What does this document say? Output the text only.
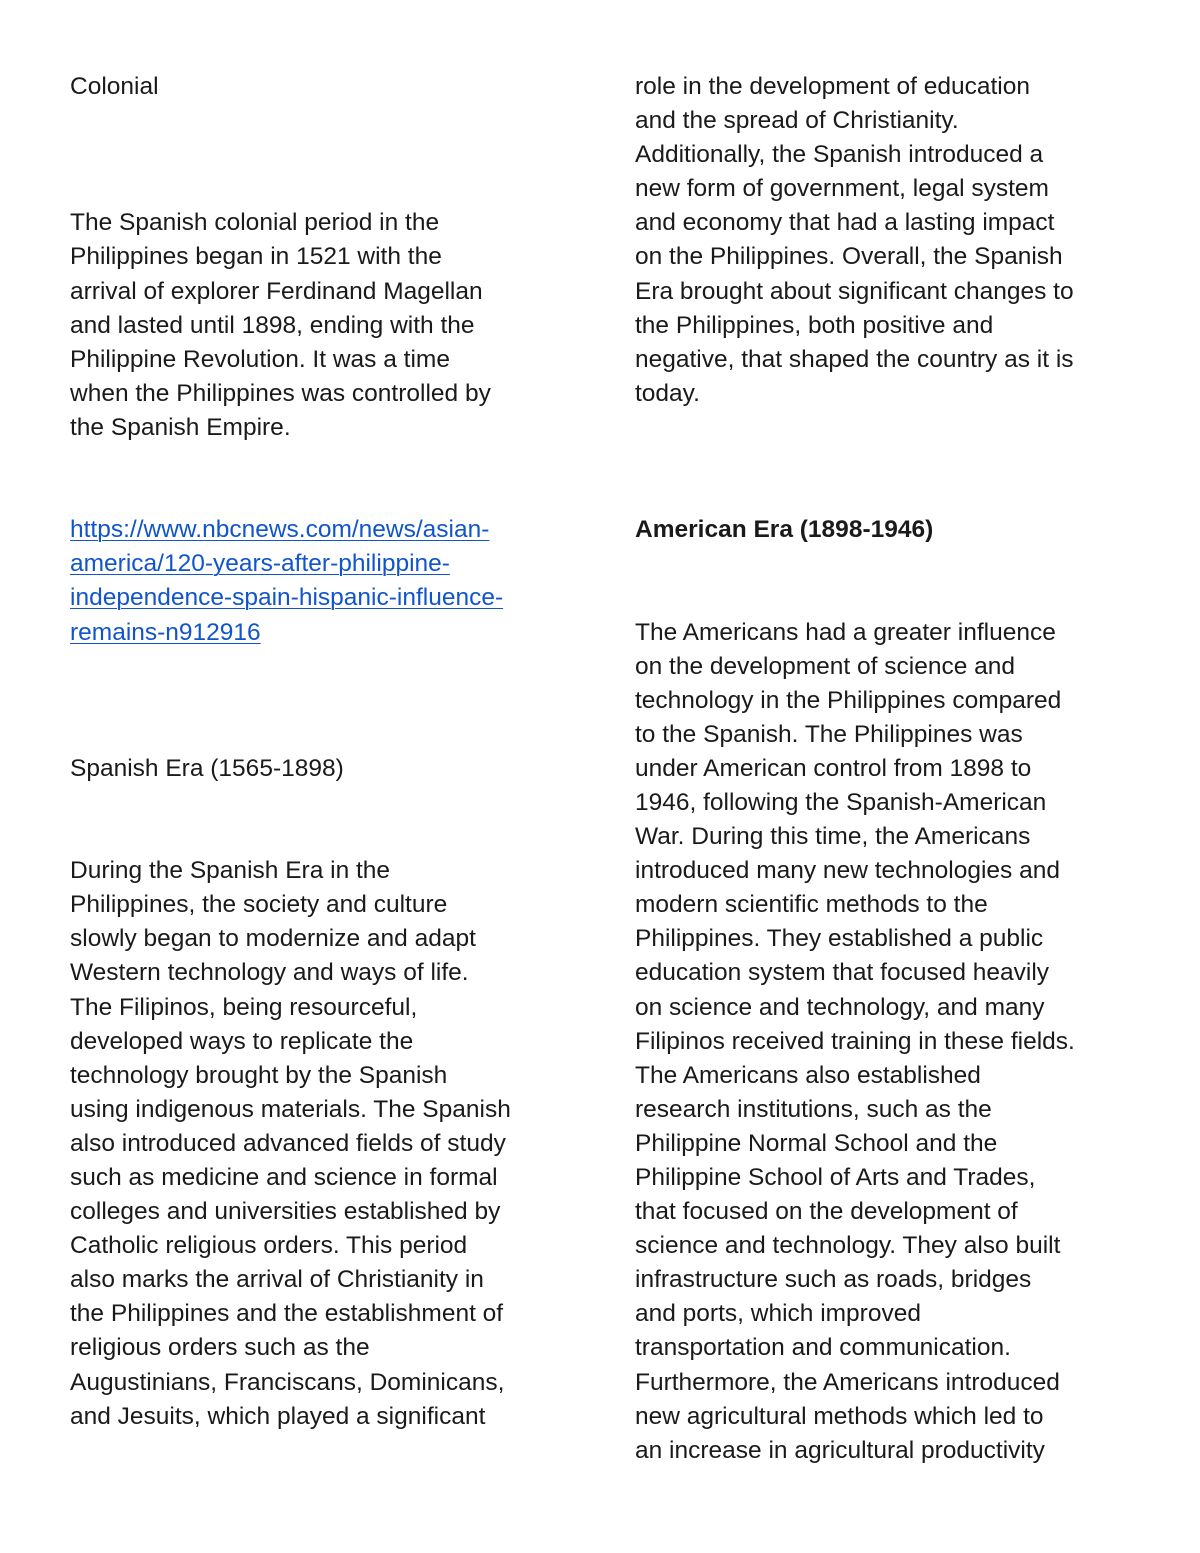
Colonial
The Spanish colonial period in the
Philippines began in 1521 with the
arrival of explorer Ferdinand Magellan
and lasted until 1898, ending with the
Philippine Revolution. It was a time
when the Philippines was controlled by
the Spanish Empire.
https://www.nbcnews.com/news/asian-
america/120-years-after-philippine-
independence-spain-hispanic-influence-
remains-n912916
Spanish Era (1565-1898)
During the Spanish Era in the
Philippines, the society and culture
slowly began to modernize and adapt
Western technology and ways of life.
The Filipinos, being resourceful,
developed ways to replicate the
technology brought by the Spanish
using indigenous materials. The Spanish
also introduced advanced fields of study
such as medicine and science in formal
colleges and universities established by
Catholic religious orders. This period
also marks the arrival of Christianity in
the Philippines and the establishment of
religious orders such as the
Augustinians, Franciscans, Dominicans,
and Jesuits, which played a significant
role in the development of education
and the spread of Christianity.
Additionally, the Spanish introduced a
new form of government, legal system
and economy that had a lasting impact
on the Philippines. Overall, the Spanish
Era brought about significant changes to
the Philippines, both positive and
negative, that shaped the country as it is
today.
American Era (1898-1946)
The Americans had a greater influence
on the development of science and
technology in the Philippines compared
to the Spanish. The Philippines was
under American control from 1898 to
1946, following the Spanish-American
War. During this time, the Americans
introduced many new technologies and
modern scientific methods to the
Philippines. They established a public
education system that focused heavily
on science and technology, and many
Filipinos received training in these fields.
The Americans also established
research institutions, such as the
Philippine Normal School and the
Philippine School of Arts and Trades,
that focused on the development of
science and technology. They also built
infrastructure such as roads, bridges
and ports, which improved
transportation and communication.
Furthermore, the Americans introduced
new agricultural methods which led to
an increase in agricultural productivity
